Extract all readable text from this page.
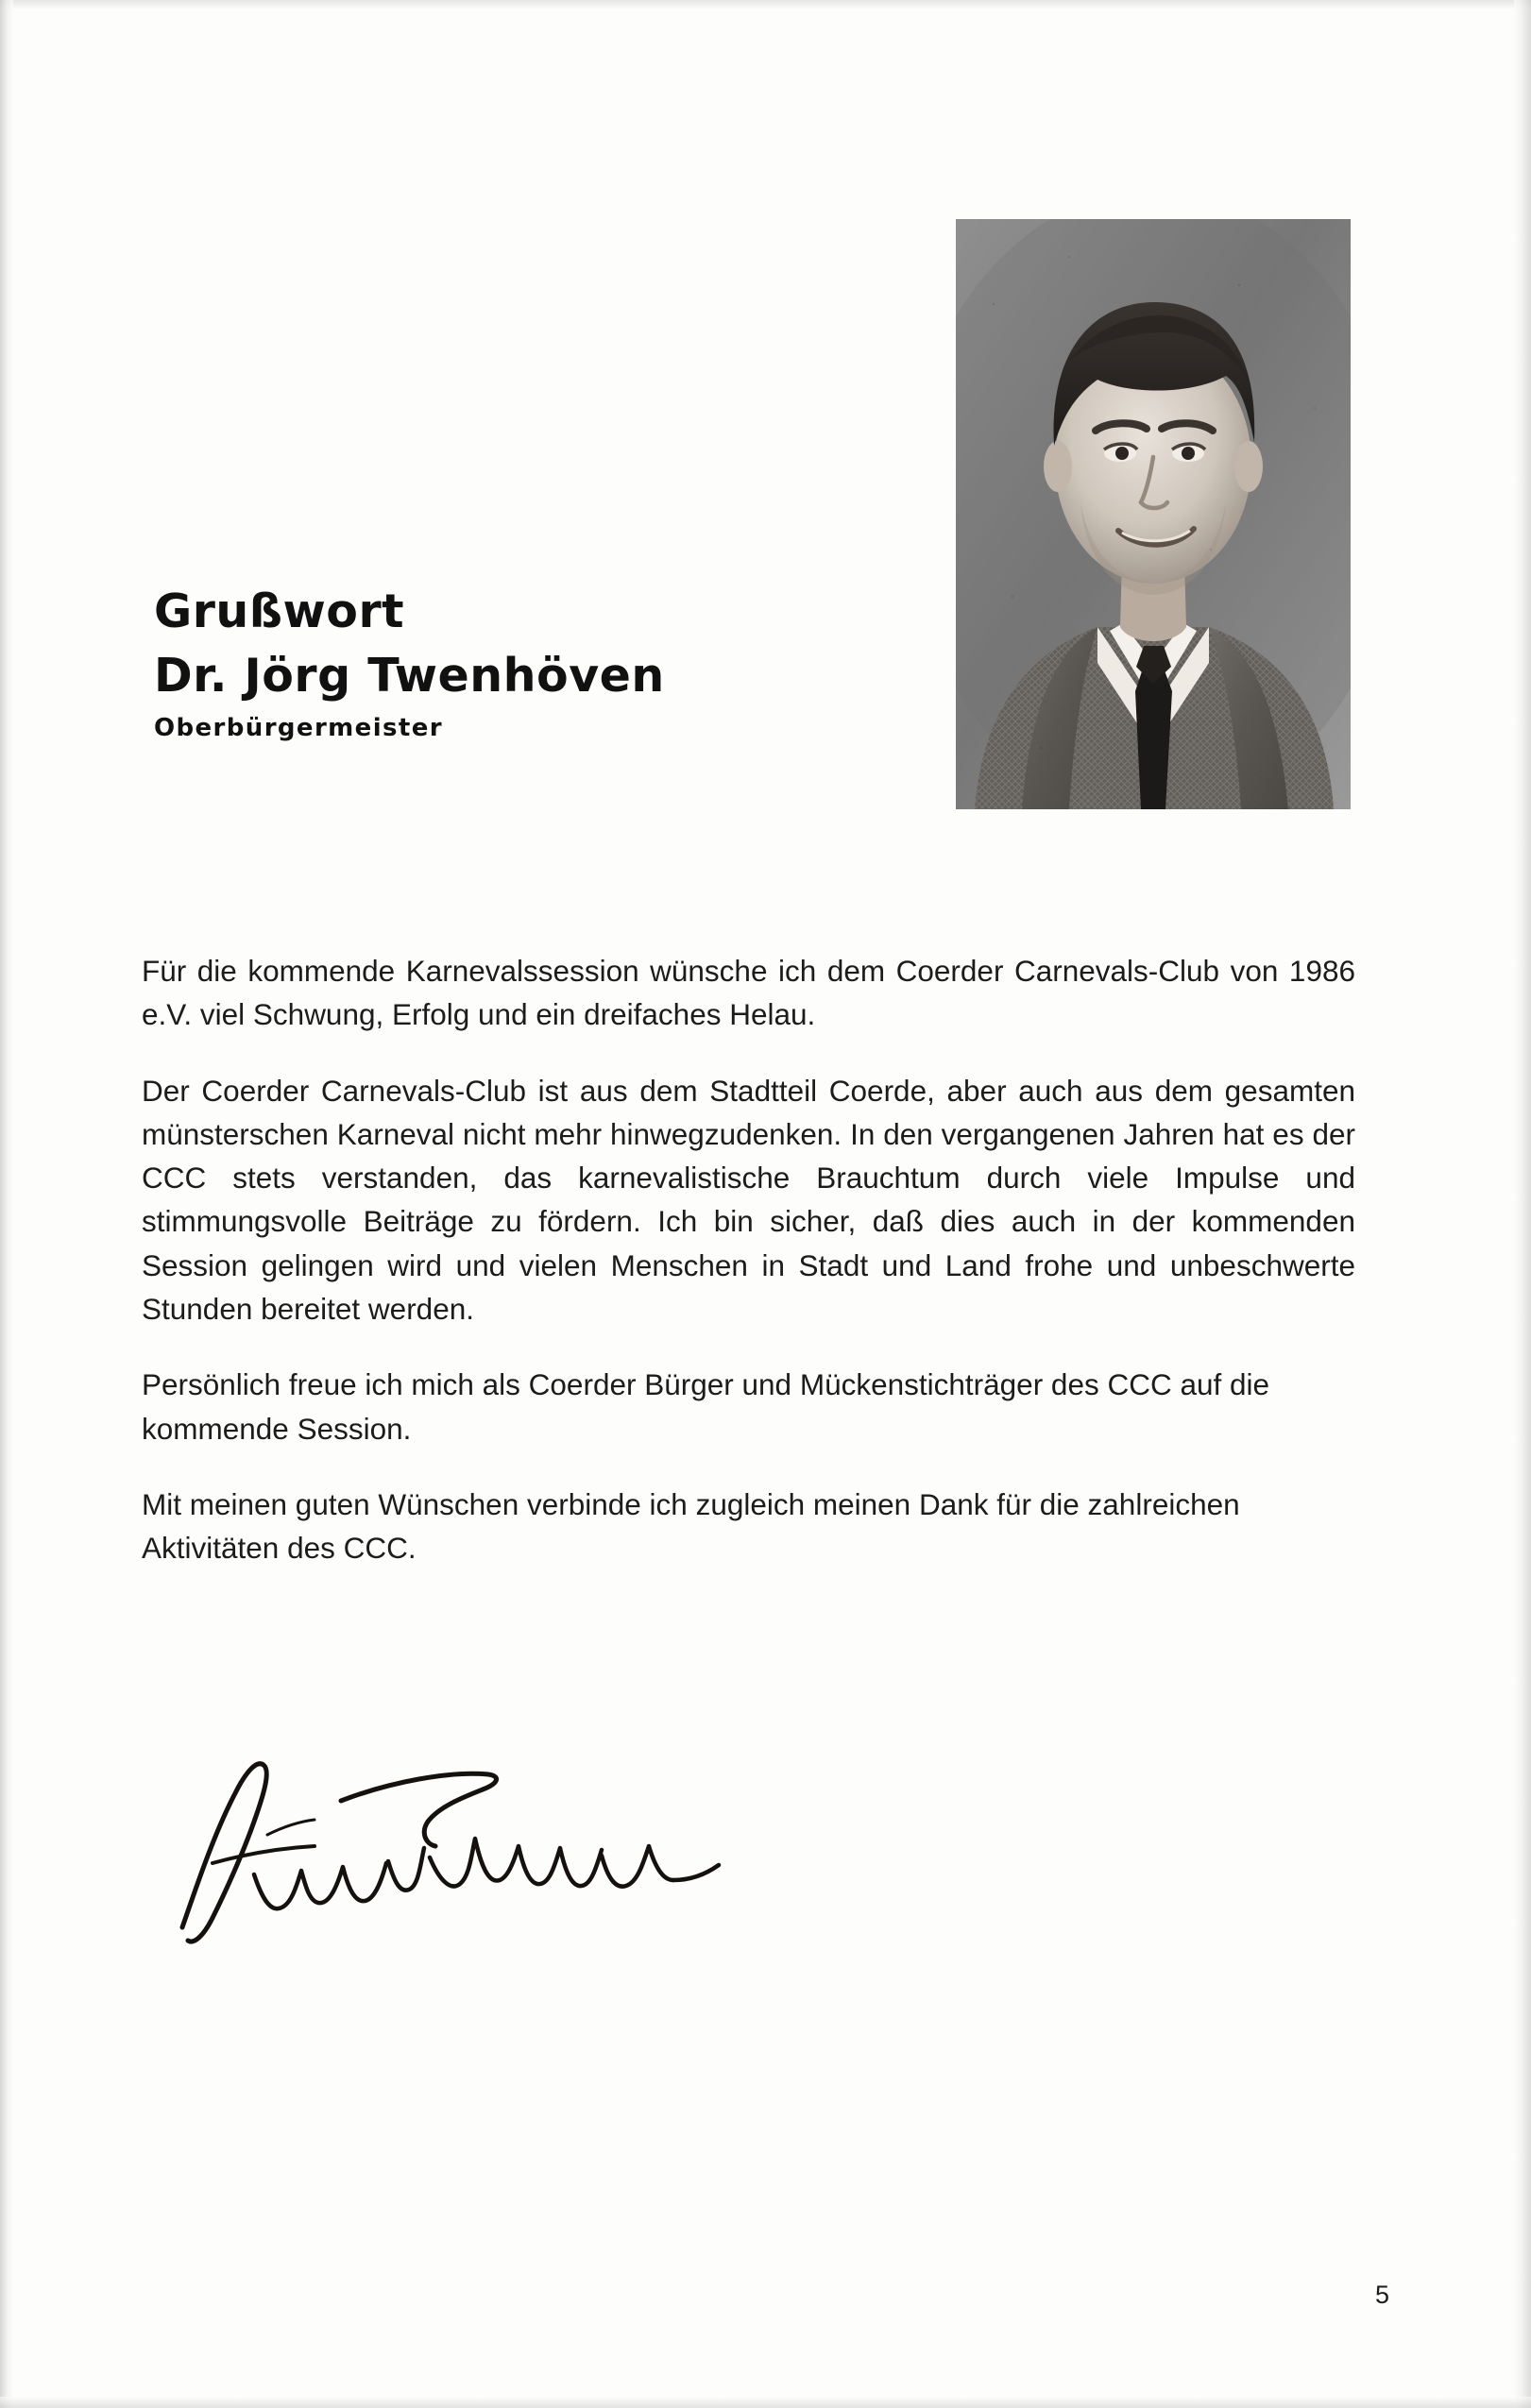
Grußwort
Dr. Jörg Twenhöven
Oberbürgermeister

Für die kommende Karnevalssession wünsche ich dem Coerder Carnevals-Club von 1986 e.V. viel Schwung, Erfolg und ein dreifaches Helau.

Der Coerder Carnevals-Club ist aus dem Stadtteil Coerde, aber auch aus dem gesamten münsterschen Karneval nicht mehr hinwegzudenken. In den vergangenen Jahren hat es der CCC stets verstanden, das karnevalistische Brauchtum durch viele Impulse und stimmungsvolle Beiträge zu fördern. Ich bin sicher, daß dies auch in der kommenden Session gelingen wird und vielen Menschen in Stadt und Land frohe und unbeschwerte Stunden bereitet werden.

Persönlich freue ich mich als Coerder Bürger und Mückenstichträger des CCC auf die kommende Session.

Mit meinen guten Wünschen verbinde ich zugleich meinen Dank für die zahlreichen Aktivitäten des CCC.

5
